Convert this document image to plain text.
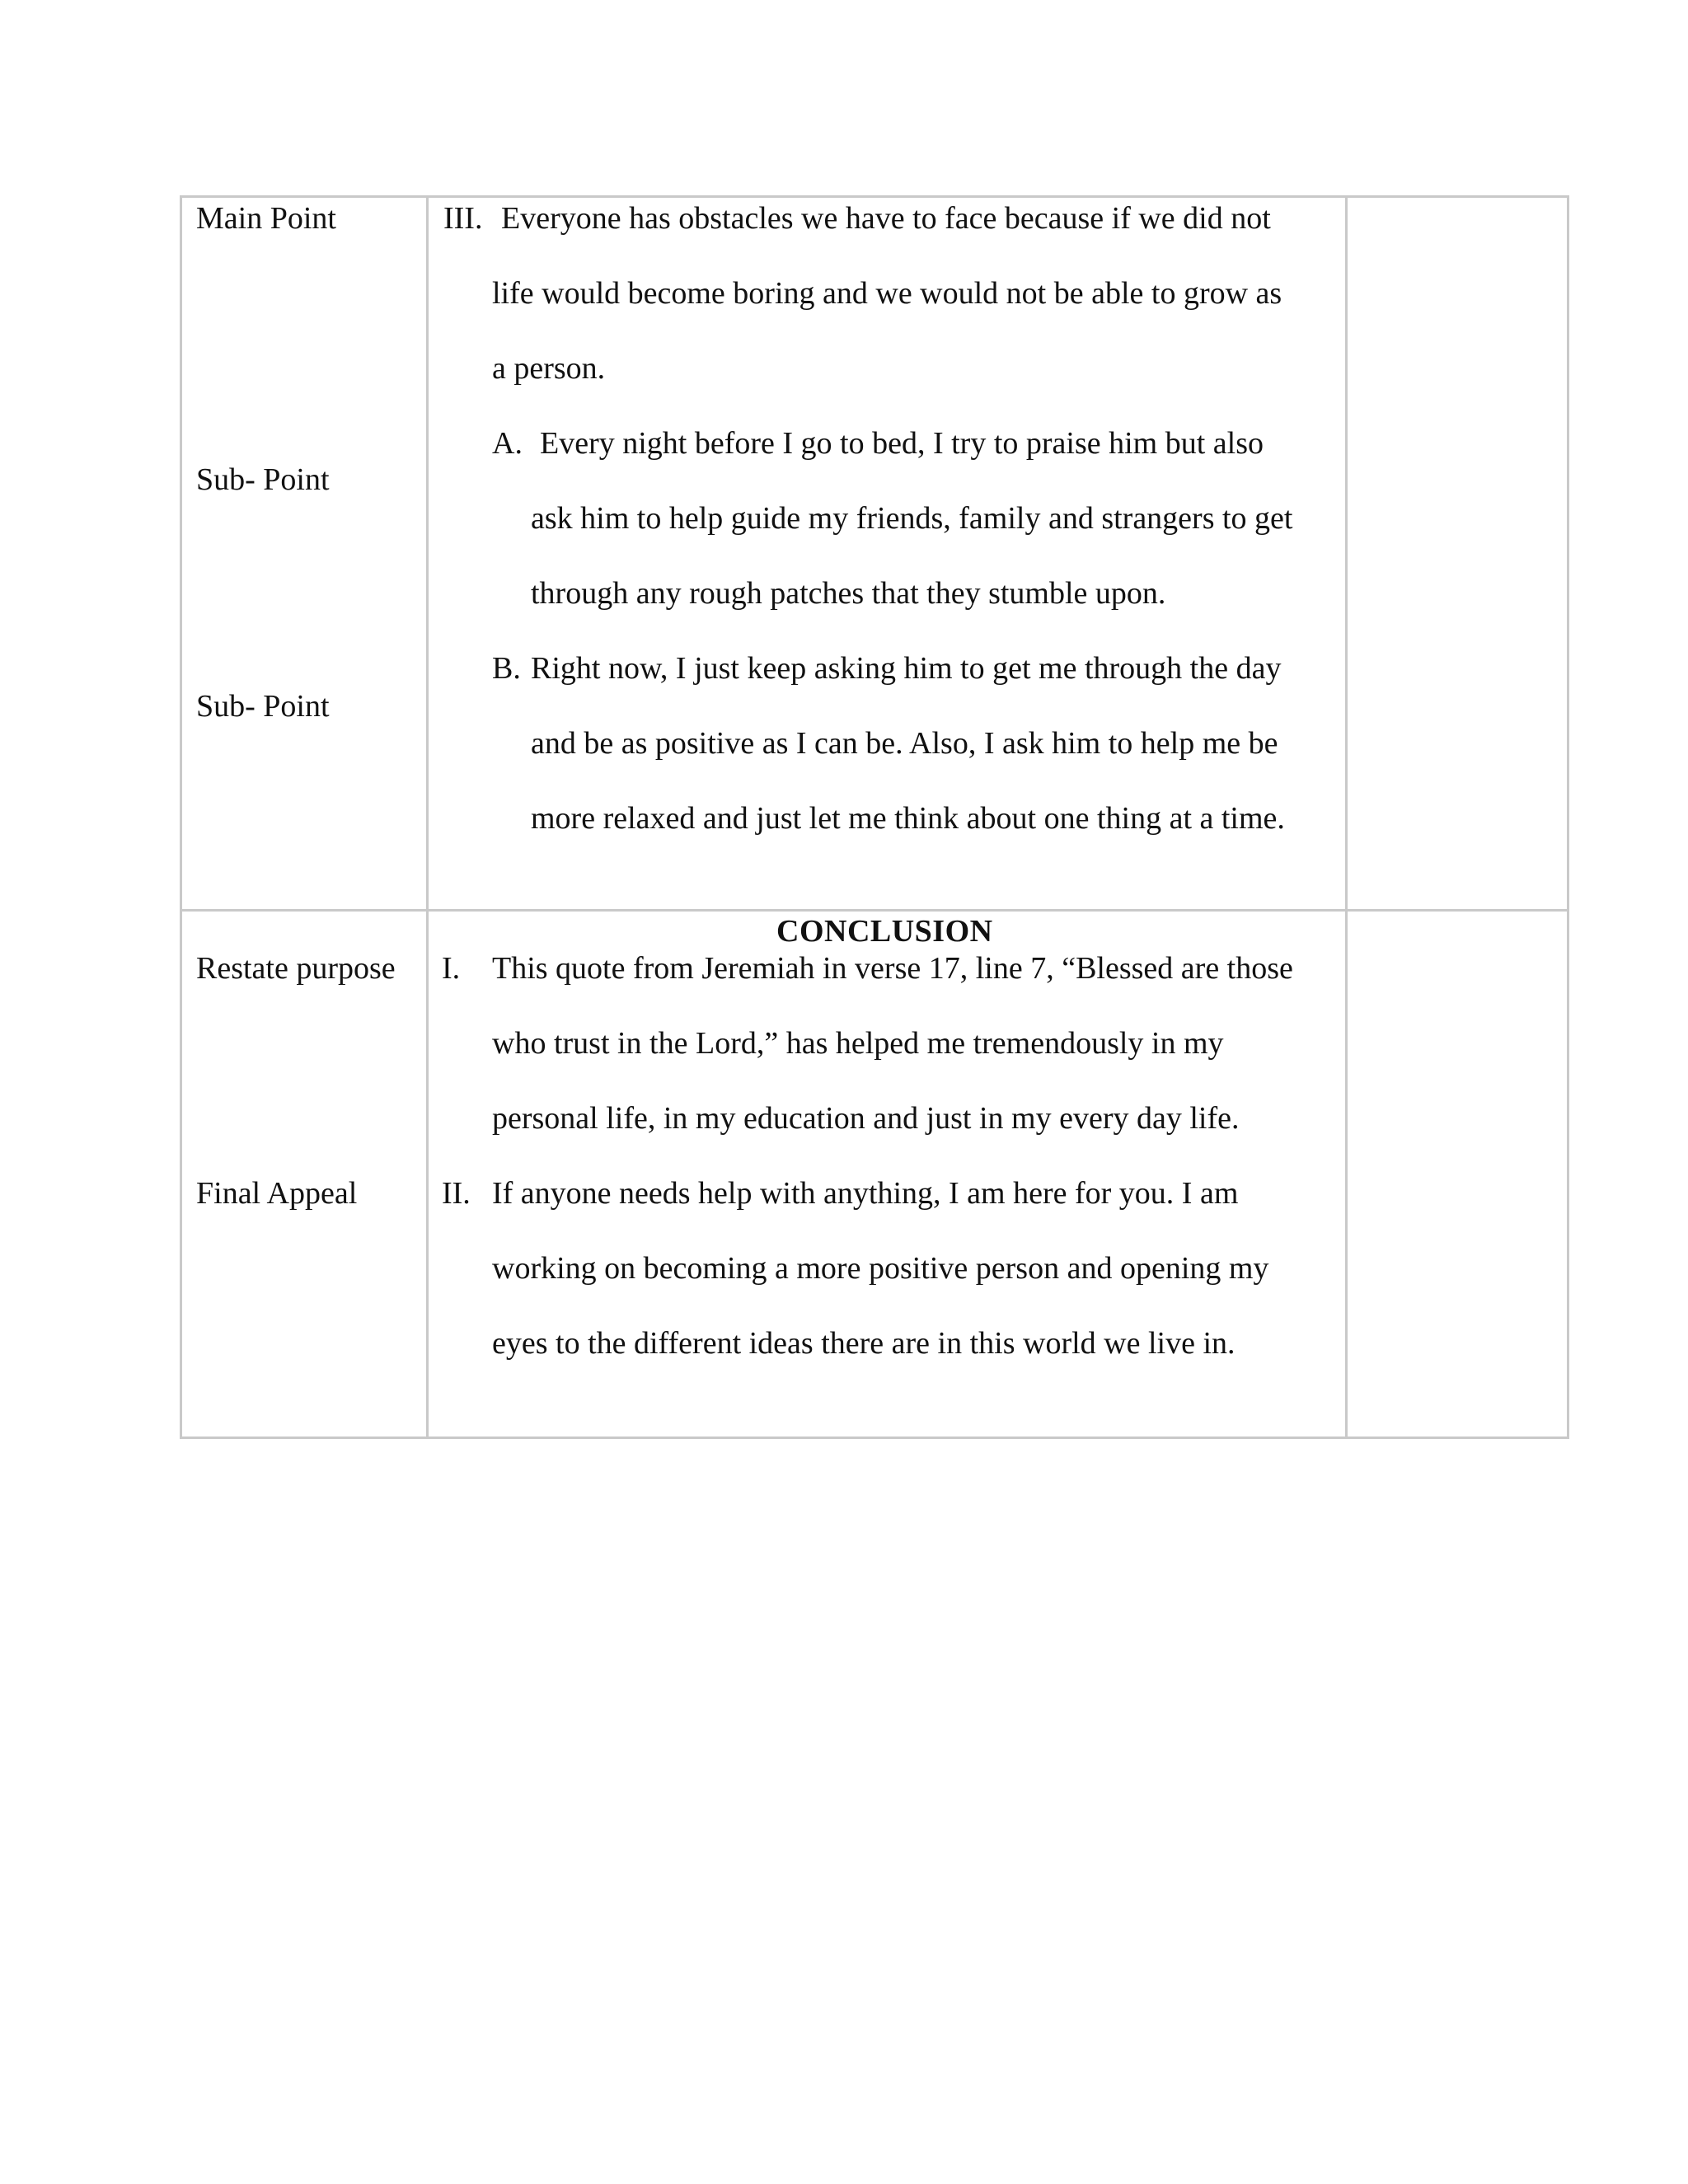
Main Point
Sub- Point
Sub- Point
III. Everyone has obstacles we have to face because if we did not
life would become boring and we would not be able to grow as
a person.
A. Every night before I go to bed, I try to praise him but also
ask him to help guide my friends, family and strangers to get
through any rough patches that they stumble upon.
B. Right now, I just keep asking him to get me through the day
and be as positive as I can be. Also, I ask him to help me be
more relaxed and just let me think about one thing at a time.
CONCLUSION
Restate purpose
Final Appeal
I. This quote from Jeremiah in verse 17, line 7, “Blessed are those
who trust in the Lord,” has helped me tremendously in my
personal life, in my education and just in my every day life.
II. If anyone needs help with anything, I am here for you. I am
working on becoming a more positive person and opening my
eyes to the different ideas there are in this world we live in.
